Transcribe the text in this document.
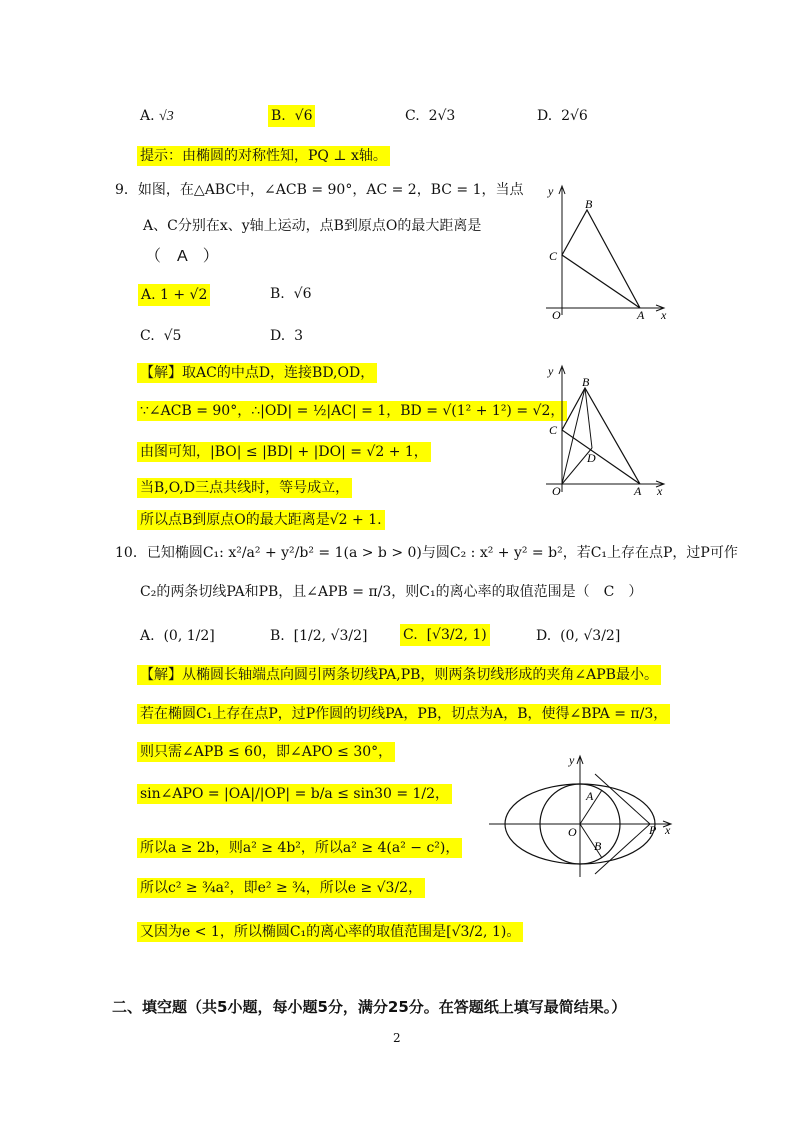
A. √3	B. √6	C. 2√3	D. 2√6
提示：由椭圆的对称性知，PQ ⊥ x轴。
9．如图，在△ABC中，∠ACB = 90°，AC = 2，BC = 1，当点
A、C分别在x、y轴上运动，点B到原点O的最大距离是
（　A　）
A. 1 + √2	B. √6
C. √5	D. 3
【解】取AC的中点D，连接BD,OD，
∵∠ACB = 90°，∴|OD| = ½|AC| = 1，BD = √(1² + 1²) = √2，
由图可知，|BO| ≤ |BD| + |DO| = √2 + 1，
当B,O,D三点共线时，等号成立，
所以点B到原点O的最大距离是√2 + 1.
y
B
C
O	A x
y
B
C
D
O	A x
10．已知椭圆C₁: x²/a² + y²/b² = 1(a > b > 0)与圆C₂ : x² + y² = b²，若C₁上存在点P，过P可作
C₂的两条切线PA和PB，且∠APB = π/3，则C₁的离心率的取值范围是（　C　）
A. (0, 1/2]	B. [1/2, √3/2]	C. [√3/2, 1)	D. (0, √3/2]
【解】从椭圆长轴端点向圆引两条切线PA,PB，则两条切线形成的夹角∠APB最小。
若在椭圆C₁上存在点P，过P作圆的切线PA，PB，切点为A，B，使得∠BPA = π/3，
则只需∠APB ≤ 60，即∠APO ≤ 30°，
sin∠APO = |OA|/|OP| = b/a ≤ sin30 = 1/2，
所以a ≥ 2b，则a² ≥ 4b²，所以a² ≥ 4(a² − c²)，
所以c² ≥ ¾a²，即e² ≥ ¾，所以e ≥ √3/2，
又因为e < 1，所以椭圆C₁的离心率的取值范围是[√3/2, 1)。
y
A
O
B
P x
二、填空题（共5小题，每小题5分，满分25分。在答题纸上填写最简结果。）
2
